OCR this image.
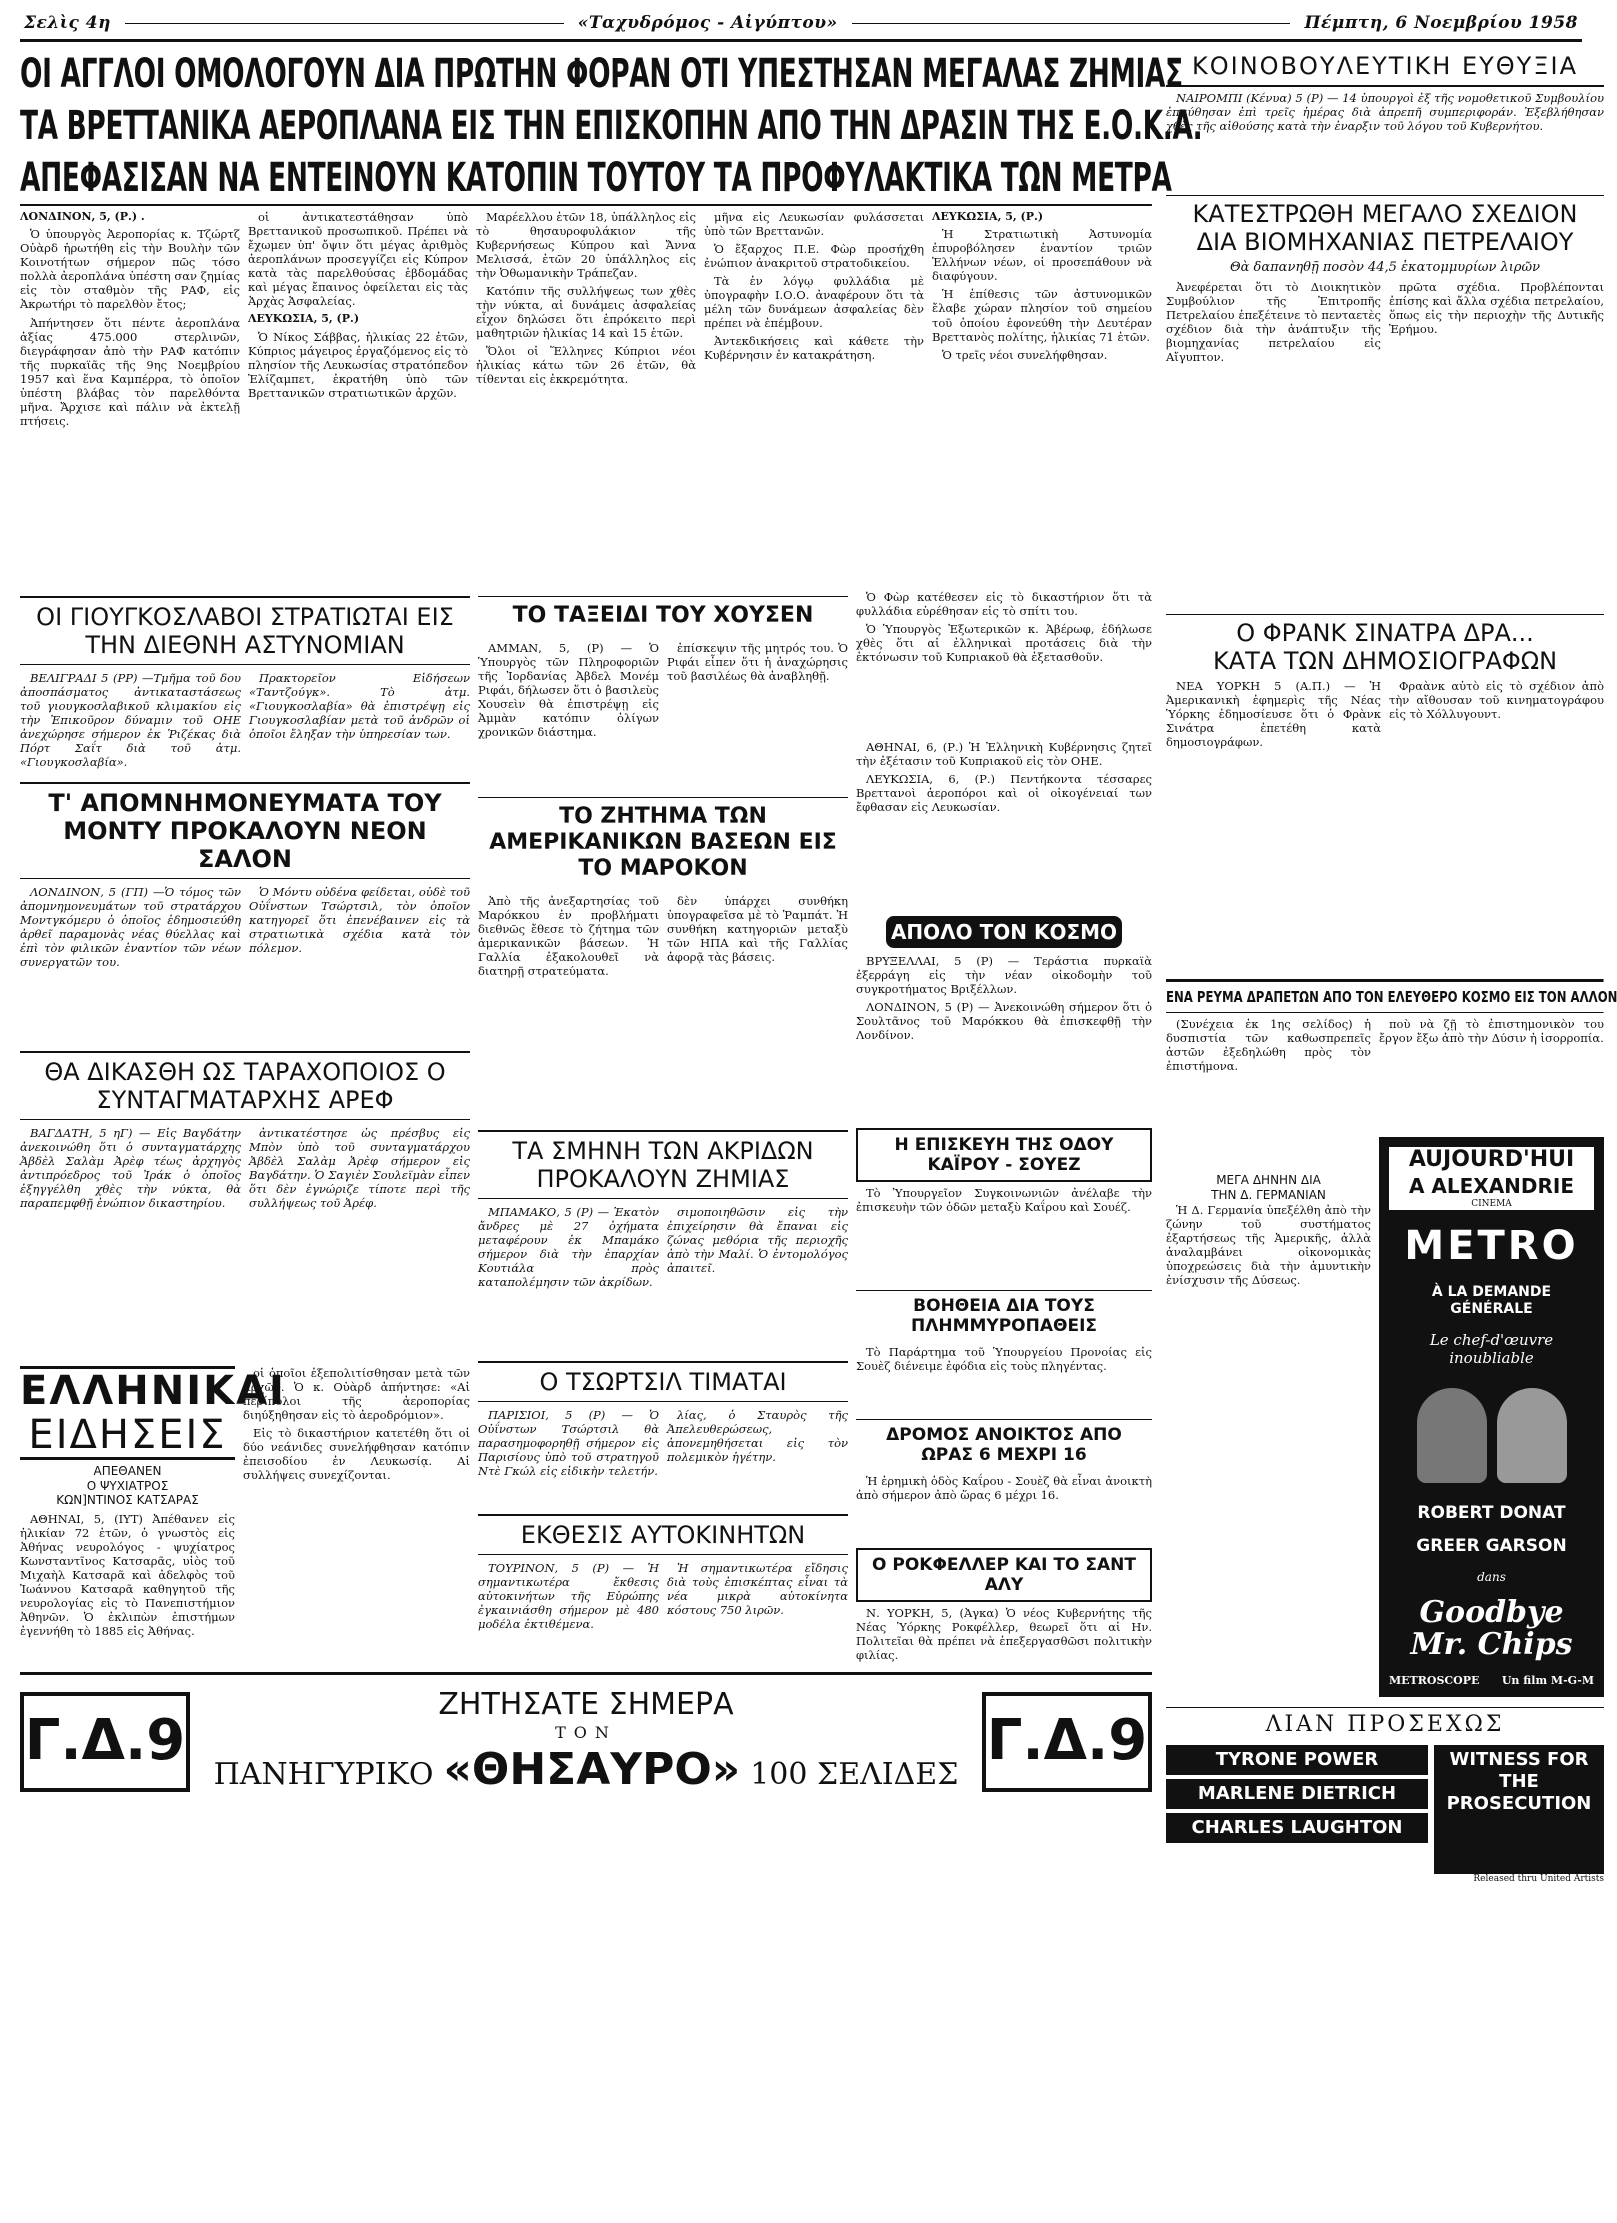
Σελὶς 4η	«Ταχυδρόμος - Αἰγύπτου»	Πέμπτη, 6 Νοεμβρίου 1958
ΟΙ ΑΓΓΛΟΙ ΟΜΟΛΟΓΟΥΝ ΔΙΑ ΠΡΩΤΗΝ ΦΟΡΑΝ ΟΤΙ ΥΠΕΣΤΗΣΑΝ ΜΕΓΑΛΑΣ ΖΗΜΙΑΣ
ΤΑ ΒΡΕΤΤΑΝΙΚΑ ΑΕΡΟΠΛΑΝΑ ΕΙΣ ΤΗΝ ΕΠΙΣΚΟΠΗΝ ΑΠΟ ΤΗΝ ΔΡΑΣΙΝ ΤΗΣ Ε.Ο.Κ.Α.
ΑΠΕΦΑΣΙΣΑΝ ΝΑ ΕΝΤΕΙΝΟΥΝ ΚΑΤΟΠΙΝ ΤΟΥΤΟΥ ΤΑ ΠΡΟΦΥΛΑΚΤΙΚΑ ΤΩΝ ΜΕΤΡΑ

ΛΟΝΔΙΝΟΝ, 5, (Ρ.) .

Ὁ ὑπουργὸς Ἀεροπορίας κ. Τζώρτζ Οὐὰρδ ἠρωτήθη εἰς τὴν Βουλὴν τῶν Κοινοτήτων σήμερον πῶς τόσο πολλὰ ἀεροπλάνα ὑπέστη σαν ζημίας εἰς τὸν σταθμὸν τῆς ΡΑΦ, εἰς Ἀκρωτήρι τὸ παρελθὸν ἔτος;

Ἀπήντησεν ὅτι πέντε ἀεροπλάνα ἀξίας 475.000 στερλινῶν, διεγράφησαν ἀπὸ τὴν ΡΑΦ κατόπιν τῆς πυρκαϊᾶς τῆς 9ης Νοεμβρίου 1957 καὶ ἕνα Καμπέρρα, τὸ ὁποῖον ὑπέστη βλάβας τὸν παρελθόντα μῆνα. Ἄρχισε καὶ πάλιν νὰ ἐκτελῇ πτήσεις.

οἱ ἀντικατεστάθησαν ὑπὸ Βρεττανικοῦ προσωπικοῦ. Πρέπει νὰ ἔχωμεν ὑπ' ὄψιν ὅτι μέγας ἀριθμὸς ἀεροπλάνων προσεγγίζει εἰς Κύπρον κατὰ τὰς παρελθούσας ἑβδομάδας καὶ μέγας ἔπαινος ὀφείλεται εἰς τὰς Ἀρχὰς Ἀσφαλείας.

ΛΕΥΚΩΣΙΑ, 5, (Ρ.)

Ὁ Νίκος Σάββας, ἡλικίας 22 ἐτῶν, Κύπριος μάγειρος ἐργαζόμενος εἰς τὸ πλησίον τῆς Λευκωσίας στρατόπεδον Ἐλίζαμπετ, ἐκρατήθη ὑπὸ τῶν Βρεττανικῶν στρατιωτικῶν ἀρχῶν.

Μαρέελλου ἐτῶν 18, ὑπάλληλος εἰς τὸ θησαυροφυλάκιον τῆς Κυβερνήσεως Κύπρου καὶ Ἄννα Μελισσά, ἐτῶν 20 ὑπάλληλος εἰς τὴν Ὀθωμανικὴν Τράπεζαν.

Κατόπιν τῆς συλλήψεως των χθὲς τὴν νύκτα, αἱ δυνάμεις ἀσφαλείας εἶχον δηλώσει ὅτι ἐπρόκειτο περὶ μαθητριῶν ἡλικίας 14 καὶ 15 ἐτῶν.

Ὅλοι οἱ Ἕλληνες Κύπριοι νέοι ἡλικίας κάτω τῶν 26 ἐτῶν, θὰ τίθενται εἰς ἐκκρεμότητα.

μῆνα εἰς Λευκωσίαν φυλάσσεται ὑπὸ τῶν Βρεττανῶν.

Ὁ ἔξαρχος Π.Ε. Φὼρ προσήχθη ἐνώπιον ἀνακριτοῦ στρατοδικείου.

Τὰ ἐν λόγῳ φυλλάδια μὲ ὑπογραφὴν Ι.Ο.Ο. ἀναφέρουν ὅτι τὰ μέλη τῶν δυνάμεων ἀσφαλείας δὲν πρέπει νὰ ἐπέμβουν.

Ἀντεκδικήσεις καὶ κάθετε τὴν Κυβέρνησιν ἐν κατακράτηση.

ΛΕΥΚΩΣΙΑ, 5, (Ρ.)

Ἡ Στρατιωτικὴ Ἀστυνομία ἐπυροβόλησεν ἐναντίον τριῶν Ἑλλήνων νέων, οἱ προσεπάθουν νὰ διαφύγουν.

Ἡ ἐπίθεσις τῶν ἀστυνομικῶν ἔλαβε χώραν πλησίον τοῦ σημείου τοῦ ὁποίου ἐφονεύθη τὴν Δευτέραν Βρεττανὸς πολίτης, ἡλικίας 71 ἐτῶν.

Ὁ τρεῖς νέοι συνελήφθησαν.

ΟΙ ΓΙΟΥΓΚΟΣΛΑΒΟΙ ΣΤΡΑΤΙΩΤΑΙ ΕΙΣ ΤΗΝ ΔΙΕΘΝΗ ΑΣΤΥΝΟΜΙΑΝ

ΒΕΛΙΓΡΑΔΙ 5 (ΡΡ) —Τμῆμα τοῦ δου ἀποσπάσματος ἀντικαταστάσεως τοῦ γιουγκοσλαβικοῦ κλιμακίου εἰς τὴν Ἐπικοῦρον δύναμιν τοῦ ΟΗΕ ἀνεχώρησε σήμερον ἐκ Ῥιζέκας διὰ Πόρτ Σαΐτ διὰ τοῦ ἀτμ. «Γιουγκοσλαβία».

Πρακτορεῖον Εἰδήσεων «Ταντζούγκ». Τὸ ἀτμ. «Γιουγκοσλαβία» θὰ ἐπιστρέψῃ εἰς Γιουγκοσλαβίαν μετὰ τοῦ ἀνδρῶν οἱ ὁποῖοι ἔληξαν τὴν ὑπηρεσίαν των.

Τ' ΑΠΟΜΝΗΜΟΝΕΥΜΑΤΑ ΤΟΥ ΜΟΝΤΥ ΠΡΟΚΑΛΟΥΝ ΝΕΟΝ ΣΑΛΟΝ

ΛΟΝΔΙΝΟΝ, 5 (ΓΠ) —Ὁ τόμος τῶν ἀπομνημονευμάτων τοῦ στρατάρχου Μοντγκόμερυ ὁ ὁποῖος ἐδημοσιεύθη ἀρθεῖ παραμονὰς νέας θύελλας καὶ ἐπὶ τὸν φιλικῶν ἐναντίον τῶν νέων συνεργατῶν του.

Ὁ Μόντυ οὐδένα φείδεται, οὐδὲ τοῦ Οὐΐνστων Τσώρτσιλ, τὸν ὁποῖον κατηγορεῖ ὅτι ἐπενέβαινεν εἰς τὰ στρατιωτικὰ σχέδια κατὰ τὸν πόλεμον.

ΘΑ ΔΙΚΑΣΘΗ ΩΣ ΤΑΡΑΧΟΠΟΙΟΣ Ο ΣΥΝΤΑΓΜΑΤΑΡΧΗΣ ΑΡΕΦ

ΒΑΓΔΑΤΗ, 5 ηΓ) — Εἰς Βαγδάτην ἀνεκοινώθη ὅτι ὁ συνταγματάρχης Ἀβδὲλ Σαλὰμ Ἀρὲφ τέως ἀρχηγὸς ἀντιπρόεδρος τοῦ Ἰράκ ὁ ὁποῖος ἐξηγγέλθη χθὲς τὴν νύκτα, θὰ παραπεμφθῇ ἐνώπιον δικαστηρίου.

ἀντικατέστησε ὡς πρέσβυς εἰς Μπὸν ὑπὸ τοῦ συνταγματάρχου Ἀβδὲλ Σαλὰμ Ἀρὲφ σήμερον εἰς Βαγδάτην. Ὁ Σαγιὲν Σουλεϊμὰν εἶπεν ὅτι δὲν ἐγνώριζε τίποτε περὶ τῆς συλλήψεως τοῦ Ἀρέφ.

ΕΛΛΗΝΙΚΑΙ
ΕΙΔΗΣΕΙΣ
ΑΠΕΘΑΝΕΝ
Ο ΨΥΧΙΑΤΡΟΣ
ΚΩΝ]ΝΤΙΝΟΣ ΚΑΤΣΑΡΑΣ

ΑΘΗΝΑΙ, 5, (ΙΥΤ) Ἀπέθανεν εἰς ἡλικίαν 72 ἐτῶν, ὁ γνωστὸς εἰς Ἀθήνας νευρολόγος - ψυχίατρος Κωνσταντῖνος Κατσαρᾶς, υἱὸς τοῦ Μιχαὴλ Κατσαρᾶ καὶ ἀδελφὸς τοῦ Ἰωάννου Κατσαρᾶ καθηγητοῦ τῆς νευρολογίας εἰς τὸ Πανεπιστήμιον Ἀθηνῶν. Ὁ ἐκλιπὼν ἐπιστήμων ἐγεννήθη τὸ 1885 εἰς Ἀθήνας.

οἱ ὁποῖοι ἐξεπολιτίσθησαν μετὰ τῶν ἀρχῶν. Ὁ κ. Οὐὰρδ ἀπήντησε: «Αἱ περίπολοι τῆς ἀεροπορίας διηύξηθησαν εἰς τὸ ἀεροδρόμιον».

Εἰς τὸ δικαστήριον κατετέθη ὅτι οἱ δύο νεάνιδες συνελήφθησαν κατόπιν ἐπεισοδίου ἐν Λευκωσίᾳ. Αἱ συλλήψεις συνεχίζονται.

Γ.Δ.9
ΖΗΤΗΣΑΤΕ ΣΗΜΕΡΑ
ΤΟΝ
ΠΑΝΗΓΥΡΙΚΟ «ΘΗΣΑΥΡΟ» 100 ΣΕΛΙΔΕΣ
Γ.Δ.9
ΤΟ ΤΑΞΕΙΔΙ ΤΟΥ ΧΟΥΣΕΝ

ΑΜΜΑΝ, 5, (Ρ) — Ὁ Ὑπουργὸς τῶν Πληροφοριῶν τῆς Ἰορδανίας Ἀβδελ Μονέμ Ριφάι, δήλωσεν ὅτι ὁ βασιλεὺς Χουσεὶν θὰ ἐπιστρέψῃ εἰς Ἀμμὰν κατόπιν ὀλίγων χρονικῶν διάστημα.

ἐπίσκεψιν τῆς μητρός του. Ὁ Ριφάι εἶπεν ὅτι ἡ ἀναχώρησις τοῦ βασιλέως θὰ ἀναβληθῇ.

ΤΟ ΖΗΤΗΜΑ ΤΩΝ ΑΜΕΡΙΚΑΝΙΚΩΝ ΒΑΣΕΩΝ ΕΙΣ ΤΟ ΜΑΡΟΚΟΝ

Ἀπὸ τῆς ἀνεξαρτησίας τοῦ Μαρόκκου ἐν προβλήματι διεθνῶς ἔθεσε τὸ ζήτημα τῶν ἀμερικανικῶν βάσεων. Ἡ Γαλλία ἐξακολουθεῖ νὰ διατηρῇ στρατεύματα.

δὲν ὑπάρχει συνθήκη ὑπογραφεῖσα μὲ τὸ Ῥαμπάτ. Ἡ συνθήκη κατηγοριῶν μεταξὺ τῶν ΗΠΑ καὶ τῆς Γαλλίας ἀφορᾷ τὰς βάσεις.

ΤΑ ΣΜΗΝΗ ΤΩΝ ΑΚΡΙΔΩΝ ΠΡΟΚΑΛΟΥΝ ΖΗΜΙΑΣ

ΜΠΑΜΑΚΟ, 5 (Ρ) — Ἑκατὸν ἄνδρες μὲ 27 ὀχήματα μεταφέρουν ἐκ Μπαμάκο σήμερον διὰ τὴν ἐπαρχίαν Κουτιάλα πρὸς καταπολέμησιν τῶν ἀκρίδων.

σιμοποιηθῶσιν εἰς τὴν ἐπιχείρησιν θὰ ἔπαναι εἰς ζώνας μεθόρια τῆς περιοχῆς ἀπὸ τὴν Μαλί. Ὁ ἐντομολόγος ἀπαιτεῖ.

Ο ΤΣΩΡΤΣΙΛ ΤΙΜΑΤΑΙ

ΠΑΡΙΣΙΟΙ, 5 (Ρ) — Ὁ Οὐΐνστων Τσώρτσιλ θὰ παρασημοφορηθῇ σήμερον εἰς Παρισίους ὑπὸ τοῦ στρατηγοῦ Ντὲ Γκώλ εἰς εἰδικὴν τελετήν.

λίας, ὁ Σταυρὸς τῆς Ἀπελευθερώσεως, ἀπονεμηθήσεται εἰς τὸν πολεμικὸν ἡγέτην.

ΕΚΘΕΣΙΣ ΑΥΤΟΚΙΝΗΤΩΝ

ΤΟΥΡΙΝΟΝ, 5 (Ρ) — Ἡ σημαντικωτέρα ἔκθεσις αὐτοκινήτων τῆς Εὐρώπης ἐγκαινιάσθη σήμερον μὲ 480 μοδέλα ἐκτιθέμενα.

Ἡ σημαντικωτέρα εἴδησις διὰ τοὺς ἐπισκέπτας εἶναι τὰ νέα μικρὰ αὐτοκίνητα κόστους 750 λιρῶν.

Ὁ Φὼρ κατέθεσεν εἰς τὸ δικαστήριον ὅτι τὰ φυλλάδια εὑρέθησαν εἰς τὸ σπίτι του.

Ὁ Ὑπουργὸς Ἐξωτερικῶν κ. Ἀβέρωφ, ἐδήλωσε χθὲς ὅτι αἱ ἐλληνικαὶ προτάσεις διὰ τὴν ἐκτόνωσιν τοῦ Κυπριακοῦ θὰ ἐξετασθοῦν.

ΑΘΗΝΑΙ, 6, (Ρ.) Ἡ Ἐλληνικὴ Κυβέρνησις ζητεῖ τὴν ἐξέτασιν τοῦ Κυπριακοῦ εἰς τὸν ΟΗΕ.

ΛΕΥΚΩΣΙΑ, 6, (Ρ.) Πεντήκοντα τέσσαρες Βρεττανοὶ ἀεροπόροι καὶ οἱ οἰκογένειαί των ἔφθασαν εἰς Λευκωσίαν.

ΑΠΟΛΟ ΤΟΝ ΚΟΣΜΟ

ΒΡΥΞΕΛΛΑΙ, 5 (Ρ) — Τεράστια πυρκαϊὰ ἐξερράγη εἰς τὴν νέαν οἰκοδομὴν τοῦ συγκροτήματος Βριξέλλων.

ΛΟΝΔΙΝΟΝ, 5 (Ρ) — Ἀνεκοινώθη σήμερον ὅτι ὁ Σουλτᾶνος τοῦ Μαρόκκου θὰ ἐπισκεφθῇ τὴν Λονδίνον.

Η ΕΠΙΣΚΕΥΗ ΤΗΣ ΟΔΟΥ ΚΑΪΡΟΥ - ΣΟΥΕΖ

Τὸ Ὑπουργεῖον Συγκοινωνιῶν ἀνέλαβε τὴν ἐπισκευὴν τῶν ὁδῶν μεταξὺ Καΐρου καὶ Σουέζ.

ΒΟΗΘΕΙΑ ΔΙΑ ΤΟΥΣ ΠΛΗΜΜΥΡΟΠΑΘΕΙΣ

Τὸ Παράρτημα τοῦ Ὑπουργείου Προνοίας εἰς Σουὲζ διένειμε ἐφόδια εἰς τοὺς πληγέντας.

ΔΡΟΜΟΣ ΑΝΟΙΚΤΟΣ ΑΠΟ ΩΡΑΣ 6 ΜΕΧΡΙ 16

Ἡ ἐρημικὴ ὁδὸς Καΐρου - Σουὲζ θὰ εἶναι ἀνοικτὴ ἀπὸ σήμερον ἀπὸ ὥρας 6 μέχρι 16.

Ο ΡΟΚΦΕΛΛΕΡ ΚΑΙ ΤΟ ΣΑΝΤ ΑΛΥ

Ν. ΥΟΡΚΗ, 5, (Ἀγκα) Ὁ νέος Κυβερνήτης τῆς Νέας Ὑόρκης Ροκφέλλερ, θεωρεῖ ὅτι αἱ Ην. Πολιτεῖαι θὰ πρέπει νὰ ἐπεξεργασθῶσι πολιτικὴν φιλίας.

ΚΟΙΝΟΒΟΥΛΕΥΤΙΚΗ ΕΥΘΥΞΙΑ

ΝΑΙΡΟΜΠΙ (Κένυα) 5 (Ρ) — 14 ὑπουργοὶ ἐξ τῆς νομοθετικοῦ Συμβουλίου ἐπαύθησαν ἐπὶ τρεῖς ἡμέρας διὰ ἀπρεπῆ συμπεριφοράν. Ἐξεβλήθησαν χθὲς τῆς αἰθούσης κατὰ τὴν ἐναρξιν τοῦ λόγου τοῦ Κυβερνήτου.

ΚΑΤΕΣΤΡΩΘΗ ΜΕΓΑΛΟ ΣΧΕΔΙΟΝ
ΔΙΑ ΒΙΟΜΗΧΑΝΙΑΣ ΠΕΤΡΕΛΑΙΟΥ
Θὰ δαπανηθῇ ποσὸν 44,5 ἑκατομμυρίων λιρῶν

Ἀνεφέρεται ὅτι τὸ Διοικητικὸν Συμβούλιον τῆς Ἐπιτροπῆς Πετρελαίου ἐπεξέτεινε τὸ πενταετὲς σχέδιον διὰ τὴν ἀνάπτυξιν τῆς βιομηχανίας πετρελαίου εἰς Αἴγυπτον.

πρῶτα σχέδια. Προβλέπονται ἐπίσης καὶ ἄλλα σχέδια πετρελαίου, ὅπως εἰς τὴν περιοχὴν τῆς Δυτικῆς Ἐρήμου.

Ο ΦΡΑΝΚ ΣΙΝΑΤΡΑ ΔΡΑ...
ΚΑΤΑ ΤΩΝ ΔΗΜΟΣΙΟΓΡΑΦΩΝ

ΝΕΑ ΥΟΡΚΗ 5 (Α.Π.) — Ἡ Ἀμερικανικὴ ἐφημερὶς τῆς Νέας Ὑόρκης ἐδημοσίευσε ὅτι ὁ Φρὰνκ Σινάτρα ἐπετέθη κατὰ δημοσιογράφων.

Φραὰνκ αὐτὸ εἰς τὸ σχέδιον ἀπὸ τὴν αἴθουσαν τοῦ κινηματογράφου εἰς τὸ Χόλλυγουντ.

ΕΝΑ ΡΕΥΜΑ ΔΡΑΠΕΤΩΝ ΑΠΟ ΤΟΝ ΕΛΕΥΘΕΡΟ ΚΟΣΜΟ ΕΙΣ ΤΟΝ ΑΛΛΟΝ

(Συνέχεια ἐκ 1ης σελίδος) ἡ δυσπιστία τῶν καθωσπρεπεῖς ἀστῶν ἐξεδηλώθη πρὸς τὸν ἐπιστήμονα.

ΜΕΓΑ ΔΗΝΗΝ ΔΙΑ
ΤΗΝ Δ. ΓΕΡΜΑΝΙΑΝ

Ἡ Δ. Γερμανία ὑπεξέλθη ἀπὸ τὴν ζώνην τοῦ συστήματος ἐξαρτήσεως τῆς Ἀμερικῆς, ἀλλὰ ἀναλαμβάνει οἰκονομικὰς ὑποχρεώσεις διὰ τὴν ἀμυντικὴν ἐνίσχυσιν τῆς Δύσεως.

ποὺ νὰ ζῇ τὸ ἐπιστημονικὸν του ἔργον ἔξω ἀπὸ τὴν Δύσιν ἡ ἰσορροπία.

AUJOURD'HUI
A ALEXANDRIE
CINEMA
METRO
À LA DEMANDE GÉNÉRALE
Le chef-d'œuvre inoubliable
ROBERT DONAT
GREER GARSON
dans
Goodbye Mr. Chips
METROSCOPE Un film M-G-M
ΛΙΑΝ ΠΡΟΣΕΧΩΣ
TYRONE POWER
MARLENE DIETRICH
CHARLES LAUGHTON
WITNESS FOR THE PROSECUTION
Released thru United Artists
